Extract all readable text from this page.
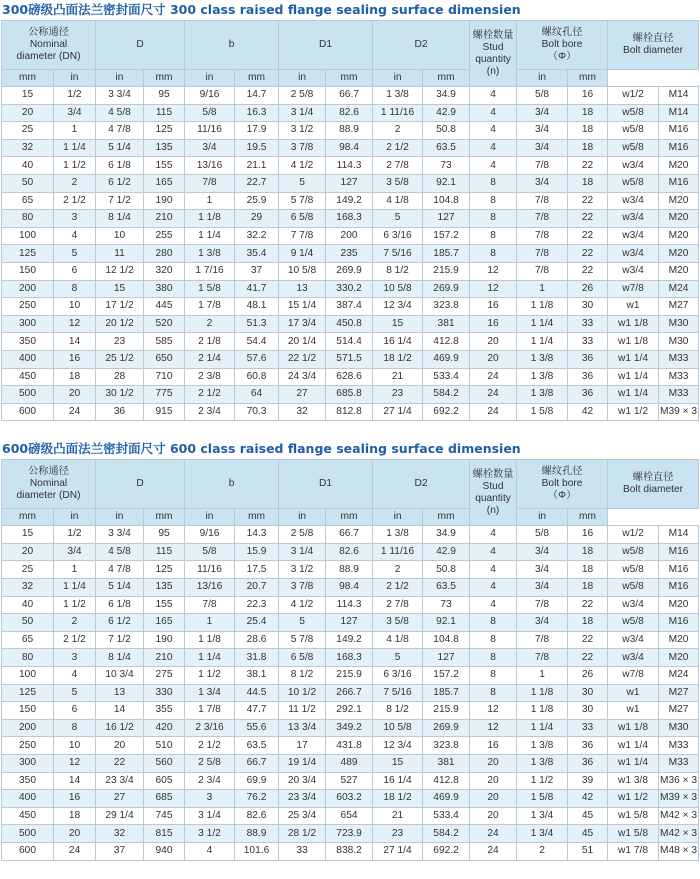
300磅级凸面法兰密封面尺寸 300 class raised flange sealing surface dimensien
公称通径
Nominal
diameter (DN)		D		b		D1		D2		螺栓数量
Stud
quantity
(n)	螺纹孔径
Bolt bore
（Φ）		螺栓直径
Bolt diameter	

mm	in	in	mm	in	mm	in	mm	in	mm		in	mm		
15	1/2	3 3/4	95	9/16	14.7	2 5/8	66.7	1 3/8	34.9	4	5/8	16	w1/2	M14
20	3/4	4 5/8	115	5/8	16.3	3 1/4	82.6	1 11/16	42.9	4	3/4	18	w5/8	M14
25	1	4 7/8	125	11/16	17.9	3 1/2	88.9	2	50.8	4	3/4	18	w5/8	M16
32	1 1/4	5 1/4	135	3/4	19.5	3 7/8	98.4	2 1/2	63.5	4	3/4	18	w5/8	M16
40	1 1/2	6 1/8	155	13/16	21.1	4 1/2	114.3	2 7/8	73	4	7/8	22	w3/4	M20
50	2	6 1/2	165	7/8	22.7	5	127	3 5/8	92.1	8	3/4	18	w5/8	M16
65	2 1/2	7 1/2	190	1	25.9	5 7/8	149.2	4 1/8	104.8	8	7/8	22	w3/4	M20
80	3	8 1/4	210	1 1/8	29	6 5/8	168.3	5	127	8	7/8	22	w3/4	M20
100	4	10	255	1 1/4	32.2	7 7/8	200	6 3/16	157.2	8	7/8	22	w3/4	M20
125	5	11	280	1 3/8	35.4	9 1/4	235	7 5/16	185.7	8	7/8	22	w3/4	M20
150	6	12 1/2	320	1 7/16	37	10 5/8	269.9	8 1/2	215.9	12	7/8	22	w3/4	M20
200	8	15	380	1 5/8	41.7	13	330.2	10 5/8	269.9	12	1	26	w7/8	M24
250	10	17 1/2	445	1 7/8	48.1	15 1/4	387.4	12 3/4	323.8	16	1 1/8	30	w1	M27
300	12	20 1/2	520	2	51.3	17 3/4	450.8	15	381	16	1 1/4	33	w1 1/8	M30
350	14	23	585	2 1/8	54.4	20 1/4	514.4	16 1/4	412.8	20	1 1/4	33	w1 1/8	M30
400	16	25 1/2	650	2 1/4	57.6	22 1/2	571.5	18 1/2	469.9	20	1 3/8	36	w1 1/4	M33
450	18	28	710	2 3/8	60.8	24 3/4	628.6	21	533.4	24	1 3/8	36	w1 1/4	M33
500	20	30 1/2	775	2 1/2	64	27	685.8	23	584.2	24	1 3/8	36	w1 1/4	M33
600	24	36	915	2 3/4	70.3	32	812.8	27 1/4	692.2	24	1 5/8	42	w1 1/2	M39 × 3
600磅级凸面法兰密封面尺寸 600 class raised flange sealing surface dimensien
公称通径
Nominal
diameter (DN)		D		b		D1		D2		螺栓数量
Stud
quantity
(n)	螺纹孔径
Bolt bore
（Φ）		螺栓直径
Bolt diameter	

mm	in	in	mm	in	mm	in	mm	in	mm		in	mm		
15	1/2	3 3/4	95	9/16	14.3	2 5/8	66.7	1 3/8	34.9	4	5/8	16	w1/2	M14
20	3/4	4 5/8	115	5/8	15.9	3 1/4	82.6	1 11/16	42.9	4	3/4	18	w5/8	M16
25	1	4 7/8	125	11/16	17.5	3 1/2	88.9	2	50.8	4	3/4	18	w5/8	M16
32	1 1/4	5 1/4	135	13/16	20.7	3 7/8	98.4	2 1/2	63.5	4	3/4	18	w5/8	M16
40	1 1/2	6 1/8	155	7/8	22.3	4 1/2	114.3	2 7/8	73	4	7/8	22	w3/4	M20
50	2	6 1/2	165	1	25.4	5	127	3 5/8	92.1	8	3/4	18	w5/8	M16
65	2 1/2	7 1/2	190	1 1/8	28.6	5 7/8	149.2	4 1/8	104.8	8	7/8	22	w3/4	M20
80	3	8 1/4	210	1 1/4	31.8	6 5/8	168.3	5	127	8	7/8	22	w3/4	M20
100	4	10 3/4	275	1 1/2	38.1	8 1/2	215.9	6 3/16	157.2	8	1	26	w7/8	M24
125	5	13	330	1 3/4	44.5	10 1/2	266.7	7 5/16	185.7	8	1 1/8	30	w1	M27
150	6	14	355	1 7/8	47.7	11 1/2	292.1	8 1/2	215.9	12	1 1/8	30	w1	M27
200	8	16 1/2	420	2 3/16	55.6	13 3/4	349.2	10 5/8	269.9	12	1 1/4	33	w1 1/8	M30
250	10	20	510	2 1/2	63.5	17	431.8	12 3/4	323.8	16	1 3/8	36	w1 1/4	M33
300	12	22	560	2 5/8	66.7	19 1/4	489	15	381	20	1 3/8	36	w1 1/4	M33
350	14	23 3/4	605	2 3/4	69.9	20 3/4	527	16 1/4	412.8	20	1 1/2	39	w1 3/8	M36 × 3
400	16	27	685	3	76.2	23 3/4	603.2	18 1/2	469.9	20	1 5/8	42	w1 1/2	M39 × 3
450	18	29 1/4	745	3 1/4	82.6	25 3/4	654	21	533.4	20	1 3/4	45	w1 5/8	M42 × 3
500	20	32	815	3 1/2	88.9	28 1/2	723.9	23	584.2	24	1 3/4	45	w1 5/8	M42 × 3
600	24	37	940	4	101.6	33	838.2	27 1/4	692.2	24	2	51	w1 7/8	M48 × 3
